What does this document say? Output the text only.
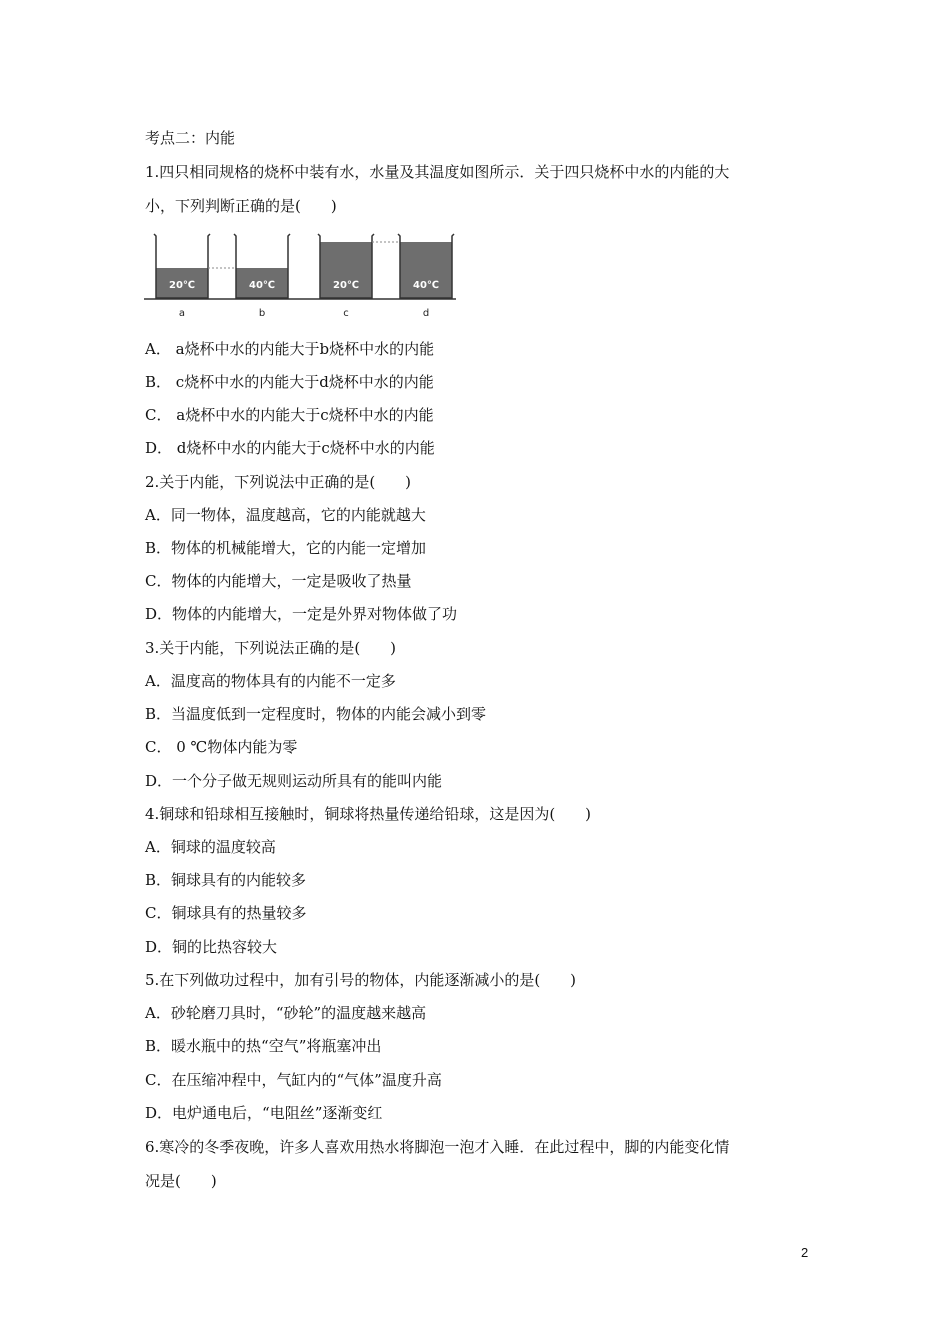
考点二：内能
1.四只相同规格的烧杯中装有水，水量及其温度如图所示．关于四只烧杯中水的内能的大
小，下列判断正确的是(　　)
20℃
a
40℃
b
20℃
c
40℃
d
A． a烧杯中水的内能大于b烧杯中水的内能
B． c烧杯中水的内能大于d烧杯中水的内能
C． a烧杯中水的内能大于c烧杯中水的内能
D． d烧杯中水的内能大于c烧杯中水的内能
2.关于内能，下列说法中正确的是(　　)
A．同一物体，温度越高，它的内能就越大
B．物体的机械能增大，它的内能一定增加
C．物体的内能增大，一定是吸收了热量
D．物体的内能增大，一定是外界对物体做了功
3.关于内能，下列说法正确的是(　　)
A．温度高的物体具有的内能不一定多
B．当温度低到一定程度时，物体的内能会减小到零
C． 0 ℃物体内能为零
D．一个分子做无规则运动所具有的能叫内能
4.铜球和铅球相互接触时，铜球将热量传递给铅球，这是因为(　　)
A．铜球的温度较高
B．铜球具有的内能较多
C．铜球具有的热量较多
D．铜的比热容较大
5.在下列做功过程中，加有引号的物体，内能逐渐减小的是(　　)
A．砂轮磨刀具时，“砂轮”的温度越来越高
B．暖水瓶中的热“空气”将瓶塞冲出
C．在压缩冲程中，气缸内的“气体”温度升高
D．电炉通电后，“电阻丝”逐渐变红
6.寒冷的冬季夜晚，许多人喜欢用热水将脚泡一泡才入睡．在此过程中，脚的内能变化情
况是(　　)
2
